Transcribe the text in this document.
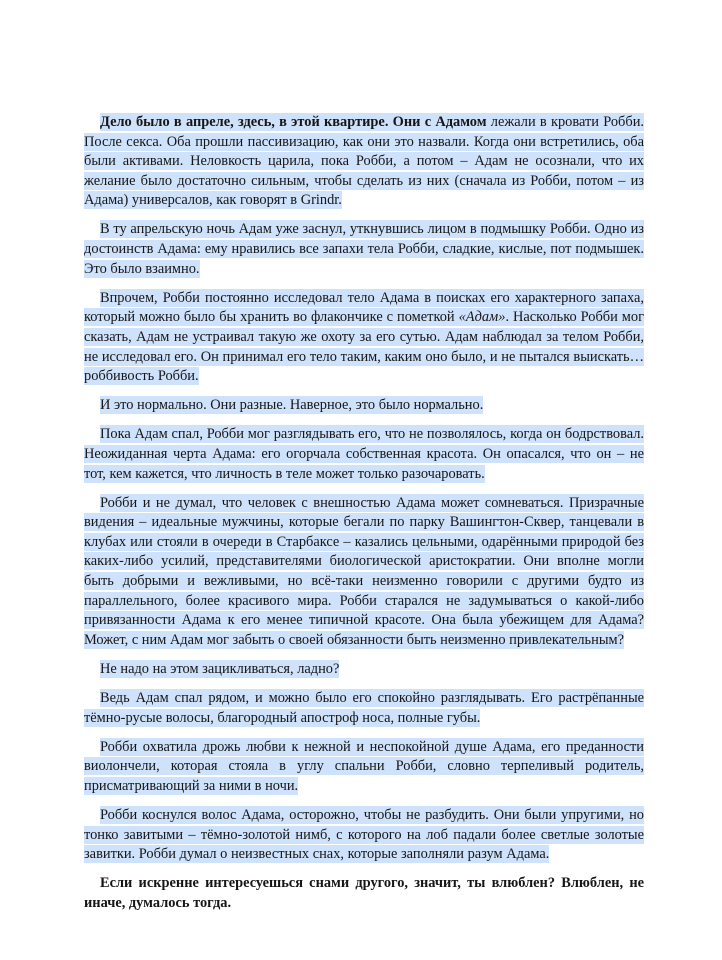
Дело было в апреле, здесь, в этой квартире. Они с Адамом лежали в кровати Робби. После секса. Оба прошли пассивизацию, как они это назвали. Когда они встретились, оба были активами. Неловкость царила, пока Робби, а потом – Адам не осознали, что их желание было достаточно сильным, чтобы сделать из них (сначала из Робби, потом – из Адама) универсалов, как говорят в Grindr.

В ту апрельскую ночь Адам уже заснул, уткнувшись лицом в подмышку Робби. Одно из достоинств Адама: ему нравились все запахи тела Робби, сладкие, кислые, пот подмышек. Это было взаимно.

Впрочем, Робби постоянно исследовал тело Адама в поисках его характерного запаха, который можно было бы хранить во флакончике с пометкой «Адам». Насколько Робби мог сказать, Адам не устраивал такую же охоту за его сутью. Адам наблюдал за телом Робби, не исследовал его. Он принимал его тело таким, каким оно было, и не пытался выискать… роббивость Робби.

И это нормально. Они разные. Наверное, это было нормально.

Пока Адам спал, Робби мог разглядывать его, что не позволялось, когда он бодрствовал. Неожиданная черта Адама: его огорчала собственная красота. Он опасался, что он – не тот, кем кажется, что личность в теле может только разочаровать.

Робби и не думал, что человек с внешностью Адама может сомневаться. Призрачные видения – идеальные мужчины, которые бегали по парку Вашингтон-Сквер, танцевали в клубах или стояли в очереди в Старбаксе – казались цельными, одарёнными природой без каких-либо усилий, представителями биологической аристократии. Они вполне могли быть добрыми и вежливыми, но всё-таки неизменно говорили с другими будто из параллельного, более красивого мира. Робби старался не задумываться о какой-либо привязанности Адама к его менее типичной красоте. Она была убежищем для Адама? Может, с ним Адам мог забыть о своей обязанности быть неизменно привлекательным?

Не надо на этом зацикливаться, ладно?

Ведь Адам спал рядом, и можно было его спокойно разглядывать. Его растрёпанные тёмно-русые волосы, благородный апостроф носа, полные губы.

Робби охватила дрожь любви к нежной и неспокойной душе Адама, его преданности виолончели, которая стояла в углу спальни Робби, словно терпеливый родитель, присматривающий за ними в ночи.

Робби коснулся волос Адама, осторожно, чтобы не разбудить. Они были упругими, но тонко завитыми – тёмно-золотой нимб, с которого на лоб падали более светлые золотые завитки. Робби думал о неизвестных снах, которые заполняли разум Адама.

Если искренне интересуешься снами другого, значит, ты влюблен? Влюблен, не иначе, думалось тогда.
